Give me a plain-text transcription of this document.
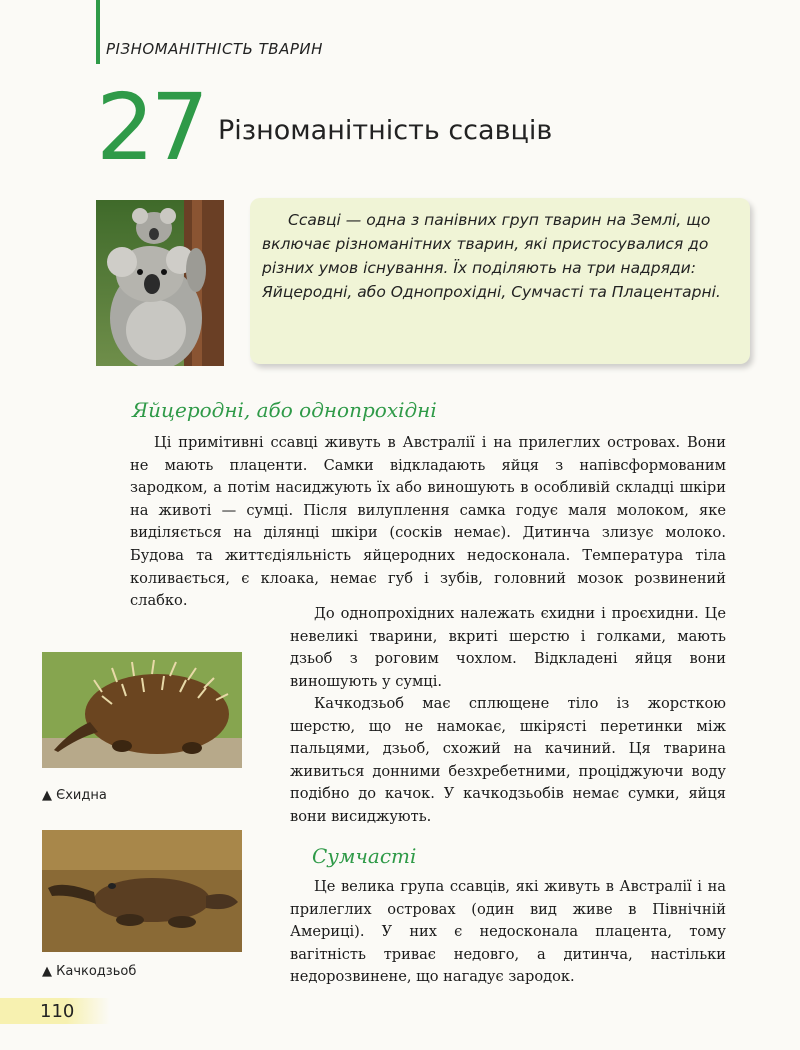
РІЗНОМАНІТНІСТЬ ТВАРИН
27 Різноманітність ссавців
Ссавці — одна з панівних груп тварин на Землі, що включає різноманітних тварин, які пристосувалися до різних умов існування. Їх поділяють на три надряди: Яйцеродні, або Однопрохідні, Сумчасті та Плацентарні.
Яйцеродні, або однопрохідні

Ці примітивні ссавці живуть в Австралії і на прилеглих островах. Вони не мають плаценти. Самки відкладають яйця з напівсформованим зародком, а потім насиджують їх або виношують в особливій складці шкіри на животі — сумці. Після вилуплення самка годує маля молоком, яке виділяється на ділянці шкіри (сосків немає). Дитинча злизує молоко. Будова та життєдіяльність яйцеродних недосконала. Температура тіла коливається, є клоака, немає губ і зубів, головний мозок розвинений слабко.

До однопрохідних належать єхидни і проєхидни. Це невеликі тварини, вкриті шерстю і голками, мають дзьоб з роговим чохлом. Відкладені яйця вони виношують у сумці.

Качкодзьоб має сплющене тіло із жорсткою шерстю, що не намокає, шкірясті перетинки між пальцями, дзьоб, схожий на качиний. Ця тварина живиться донними безхребетними, проціджуючи воду подібно до качок. У качкодзьобів немає сумки, яйця вони висиджують.

▲ Єхидна
▲ Качкодзьоб
Сумчасті

Це велика група ссавців, які живуть в Австралії і на прилеглих островах (один вид живе в Північній Америці). У них є недосконала плацента, тому вагітність триває недовго, а дитинча, настільки недорозвинене, що нагадує зародок.

110
